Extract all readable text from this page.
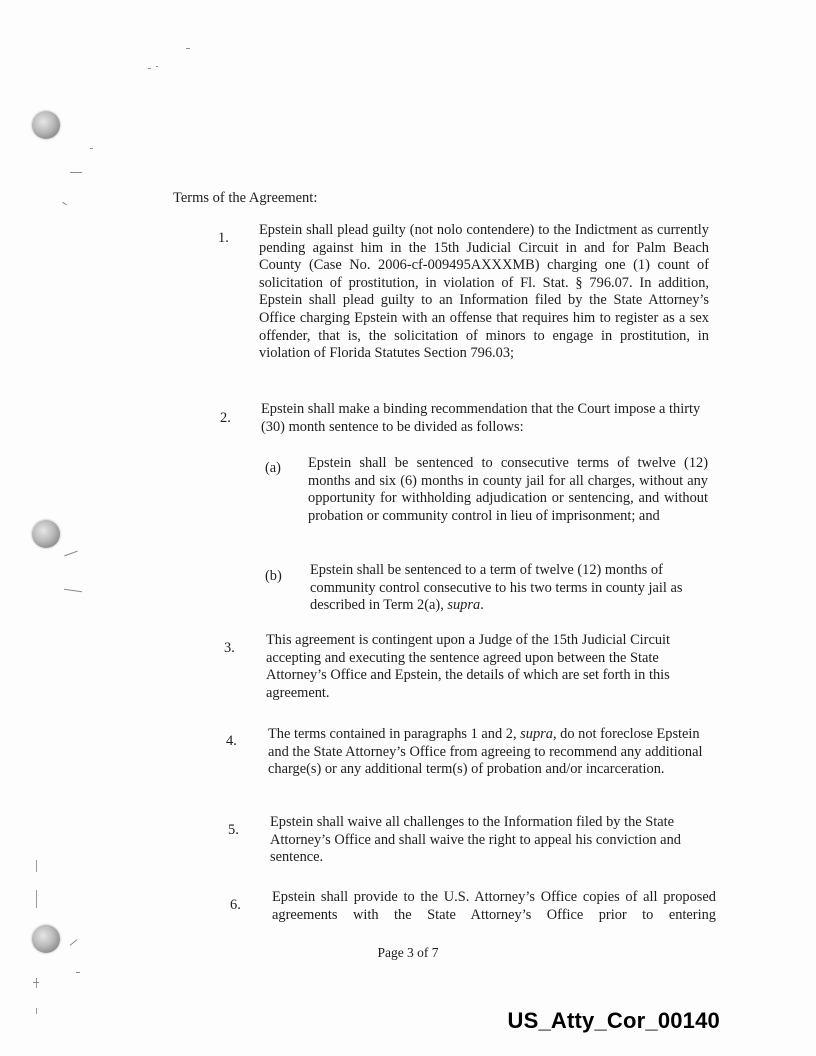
Terms of the Agreement:
1. Epstein shall plead guilty (not nolo contendere) to the Indictment as currently pending against him in the 15th Judicial Circuit in and for Palm Beach County (Case No. 2006-cf-009495AXXXMB) charging one (1) count of solicitation of prostitution, in violation of Fl. Stat. § 796.07. In addition, Epstein shall plead guilty to an Information filed by the State Attorney’s Office charging Epstein with an offense that requires him to register as a sex offender, that is, the solicitation of minors to engage in prostitution, in violation of Florida Statutes Section 796.03;
2.
Epstein shall make a binding recommendation that the Court impose a thirty (30) month sentence to be divided as follows:
(a) Epstein shall be sentenced to consecutive terms of twelve (12) months and six (6) months in county jail for all charges, without any opportunity for withholding adjudication or sentencing, and without probation or community control in lieu of imprisonment; and
(b) Epstein shall be sentenced to a term of twelve (12) months of community control consecutive to his two terms in county jail as described in Term 2(a), supra.
3. This agreement is contingent upon a Judge of the 15th Judicial Circuit accepting and executing the sentence agreed upon between the State Attorney’s Office and Epstein, the details of which are set forth in this agreement.
4. The terms contained in paragraphs 1 and 2, supra, do not foreclose Epstein and the State Attorney’s Office from agreeing to recommend any additional charge(s) or any additional term(s) of probation and/or incarceration.
5. Epstein shall waive all challenges to the Information filed by the State Attorney’s Office and shall waive the right to appeal his conviction and sentence.
6. Epstein shall provide to the U.S. Attorney’s Office copies of all proposed agreements with the State Attorney’s Office prior to entering
Page 3 of 7
US_Atty_Cor_00140
